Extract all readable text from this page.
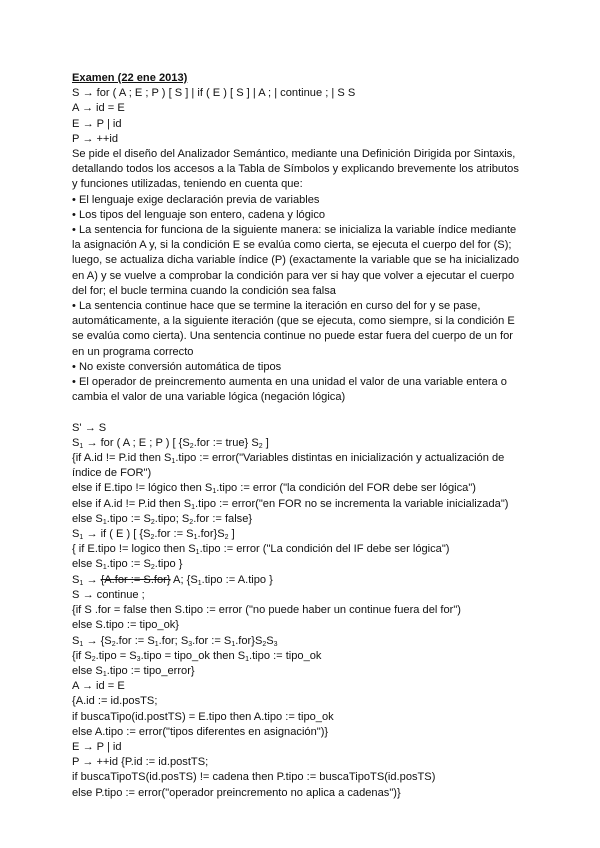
Examen (22 ene 2013)
S → for ( A ; E ; P ) [ S ] | if ( E ) [ S ] | A ; | continue ; | S S
A → id = E
E → P | id
P → ++id
Se pide el diseño del Analizador Semántico, mediante una Definición Dirigida por Sintaxis,
detallando todos los accesos a la Tabla de Símbolos y explicando brevemente los atributos
y funciones utilizadas, teniendo en cuenta que:
• El lenguaje exige declaración previa de variables
• Los tipos del lenguaje son entero, cadena y lógico
• La sentencia for funciona de la siguiente manera: se inicializa la variable índice mediante
la asignación A y, si la condición E se evalúa como cierta, se ejecuta el cuerpo del for (S);
luego, se actualiza dicha variable índice (P) (exactamente la variable que se ha inicializado
en A) y se vuelve a comprobar la condición para ver si hay que volver a ejecutar el cuerpo
del for; el bucle termina cuando la condición sea falsa
• La sentencia continue hace que se termine la iteración en curso del for y se pase,
automáticamente, a la siguiente iteración (que se ejecuta, como siempre, si la condición E
se evalúa como cierta). Una sentencia continue no puede estar fuera del cuerpo de un for
en un programa correcto
• No existe conversión automática de tipos
• El operador de preincremento aumenta en una unidad el valor de una variable entera o
cambia el valor de una variable lógica (negación lógica)
S' → S
$S_1$ → for ( A ; E ; P ) [ {$S_2.for$ := true} $S_2$ ]
{if A.id != P.id then $S_1.tipo$ := error("Variables distintas en inicialización y actualización de
índice de FOR")
else if E.tipo != lógico then $S_1.tipo$ := error ("la condición del FOR debe ser lógica")
else if A.id != P.id then $S_1.tipo$ := error("en FOR no se incrementa la variable inicializada")
else $S_1.tipo$ := $S_2.tipo$; $S_2.for$ := false}
$S_1$ → if ( E ) [ {$S_2.for$ := $S_1.for\}S_2$ ]
{ if E.tipo != logico then $S_1.tipo$ := error ("La condición del IF debe ser lógica")
else $S_1.tipo$ := $S_2.tipo$ }
$S_1 \to \{A.for$ := S.for} A; {$S_1.tipo$ := A.tipo }
S → continue ;
{if S .for = false then S.tipo := error ("no puede haber un continue fuera del for")
else S.tipo := tipo_ok}
$S_1 \to \{S_2.for$ := $S_1.for$; $S_3.for$ := $S_1.for\}S_2S_3$
{if $S_2.tipo$ = $S_3.tipo$ = tipo_ok then $S_1.tipo$ := tipo_ok
else $S_1.tipo$ := tipo_error}
A → id = E
{A.id := id.posTS;
if buscaTipo(id.postTS) = E.tipo then A.tipo := tipo_ok
else A.tipo := error("tipos diferentes en asignación")}
E → P | id
P → ++id {P.id := id.postTS;
if buscaTipoTS(id.posTS) != cadena then P.tipo := buscaTipoTS(id.posTS)
else P.tipo := error("operador preincremento no aplica a cadenas")}
